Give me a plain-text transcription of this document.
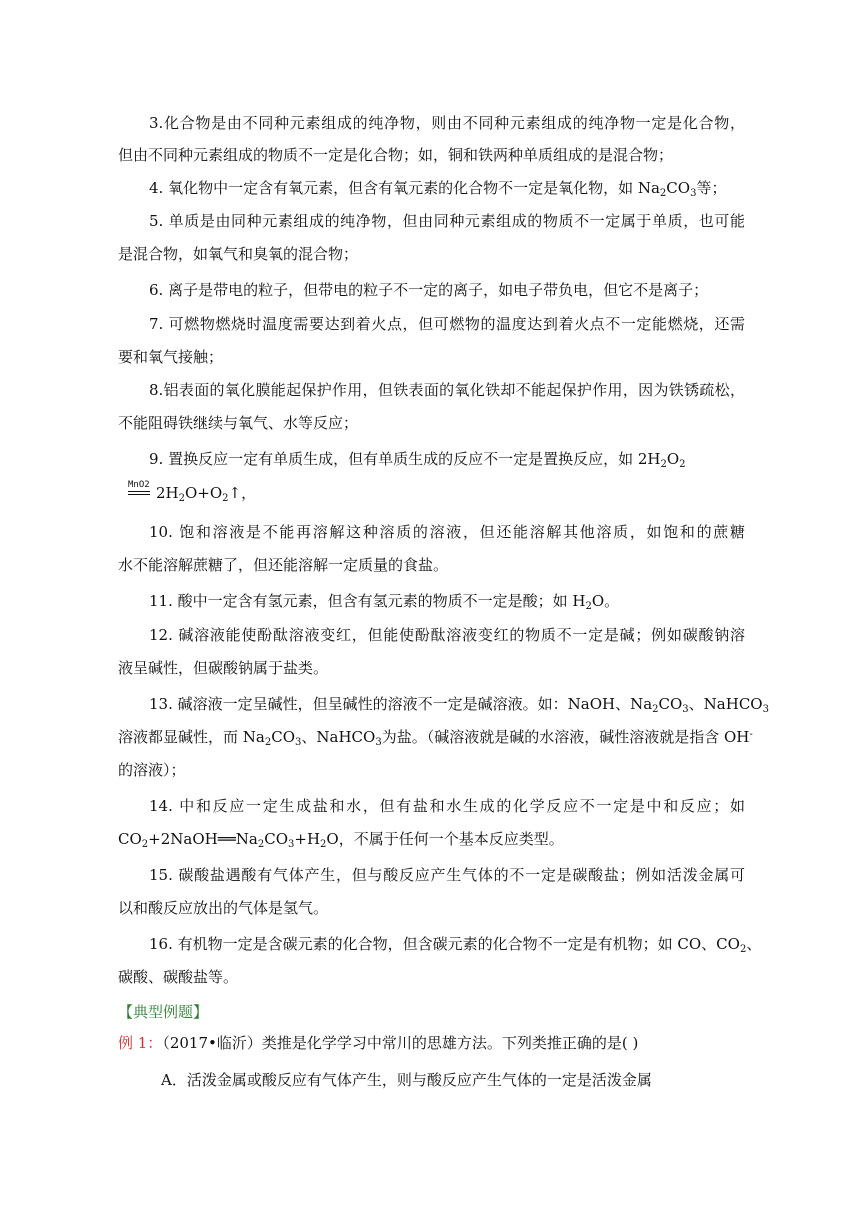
3.化合物是由不同种元素组成的纯净物，则由不同种元素组成的纯净物一定是化合物，
但由不同种元素组成的物质不一定是化合物；如，铜和铁两种单质组成的是混合物；
4. 氧化物中一定含有氧元素，但含有氧元素的化合物不一定是氧化物，如 $Na_2CO_3$等；
5. 单质是由同种元素组成的纯净物，但由同种元素组成的物质不一定属于单质，也可能
是混合物，如氧气和臭氧的混合物；
6. 离子是带电的粒子，但带电的粒子不一定的离子，如电子带负电，但它不是离子；
7. 可燃物燃烧时温度需要达到着火点，但可燃物的温度达到着火点不一定能燃烧，还需
要和氧气接触；
8.铝表面的氧化膜能起保护作用，但铁表面的氧化铁却不能起保护作用，因为铁锈疏松，
不能阻碍铁继续与氧气、水等反应；
9. 置换反应一定有单质生成，但有单质生成的反应不一定是置换反应，如 $2H_2O_2$
MnO2 $2H_2O+O_2↑$，
10. 饱和溶液是不能再溶解这种溶质的溶液，但还能溶解其他溶质，如饱和的蔗糖
水不能溶解蔗糖了，但还能溶解一定质量的食盐。
11. 酸中一定含有氢元素，但含有氢元素的物质不一定是酸；如 $H_2O$。
12. 碱溶液能使酚酞溶液变红，但能使酚酞溶液变红的物质不一定是碱；例如碳酸钠溶
液呈碱性，但碳酸钠属于盐类。
13. 碱溶液一定呈碱性，但呈碱性的溶液不一定是碱溶液。如：NaOH、$Na_2CO_3$、NaHCO$_3$
溶液都显碱性，而 $Na_2CO_3$、NaHCO$_3$为盐。（碱溶液就是碱的水溶液，碱性溶液就是指含 OH-
的溶液）；
14. 中和反应一定生成盐和水，但有盐和水生成的化学反应不一定是中和反应；如
$CO_2+2NaOH══Na_2CO_3+H_2O$，不属于任何一个基本反应类型。
15. 碳酸盐遇酸有气体产生，但与酸反应产生气体的不一定是碳酸盐；例如活泼金属可
以和酸反应放出的气体是氢气。
16. 有机物一定是含碳元素的化合物，但含碳元素的化合物不一定是有机物；如 CO、$CO_2$、
碳酸、碳酸盐等。
【典型例题】
例 1：（2017•临沂）类推是化学学习中常川的思雄方法。下列类推正确的是( )
A．活泼金属或酸反应有气体产生，则与酸反应产生气体的一定是活泼金属
